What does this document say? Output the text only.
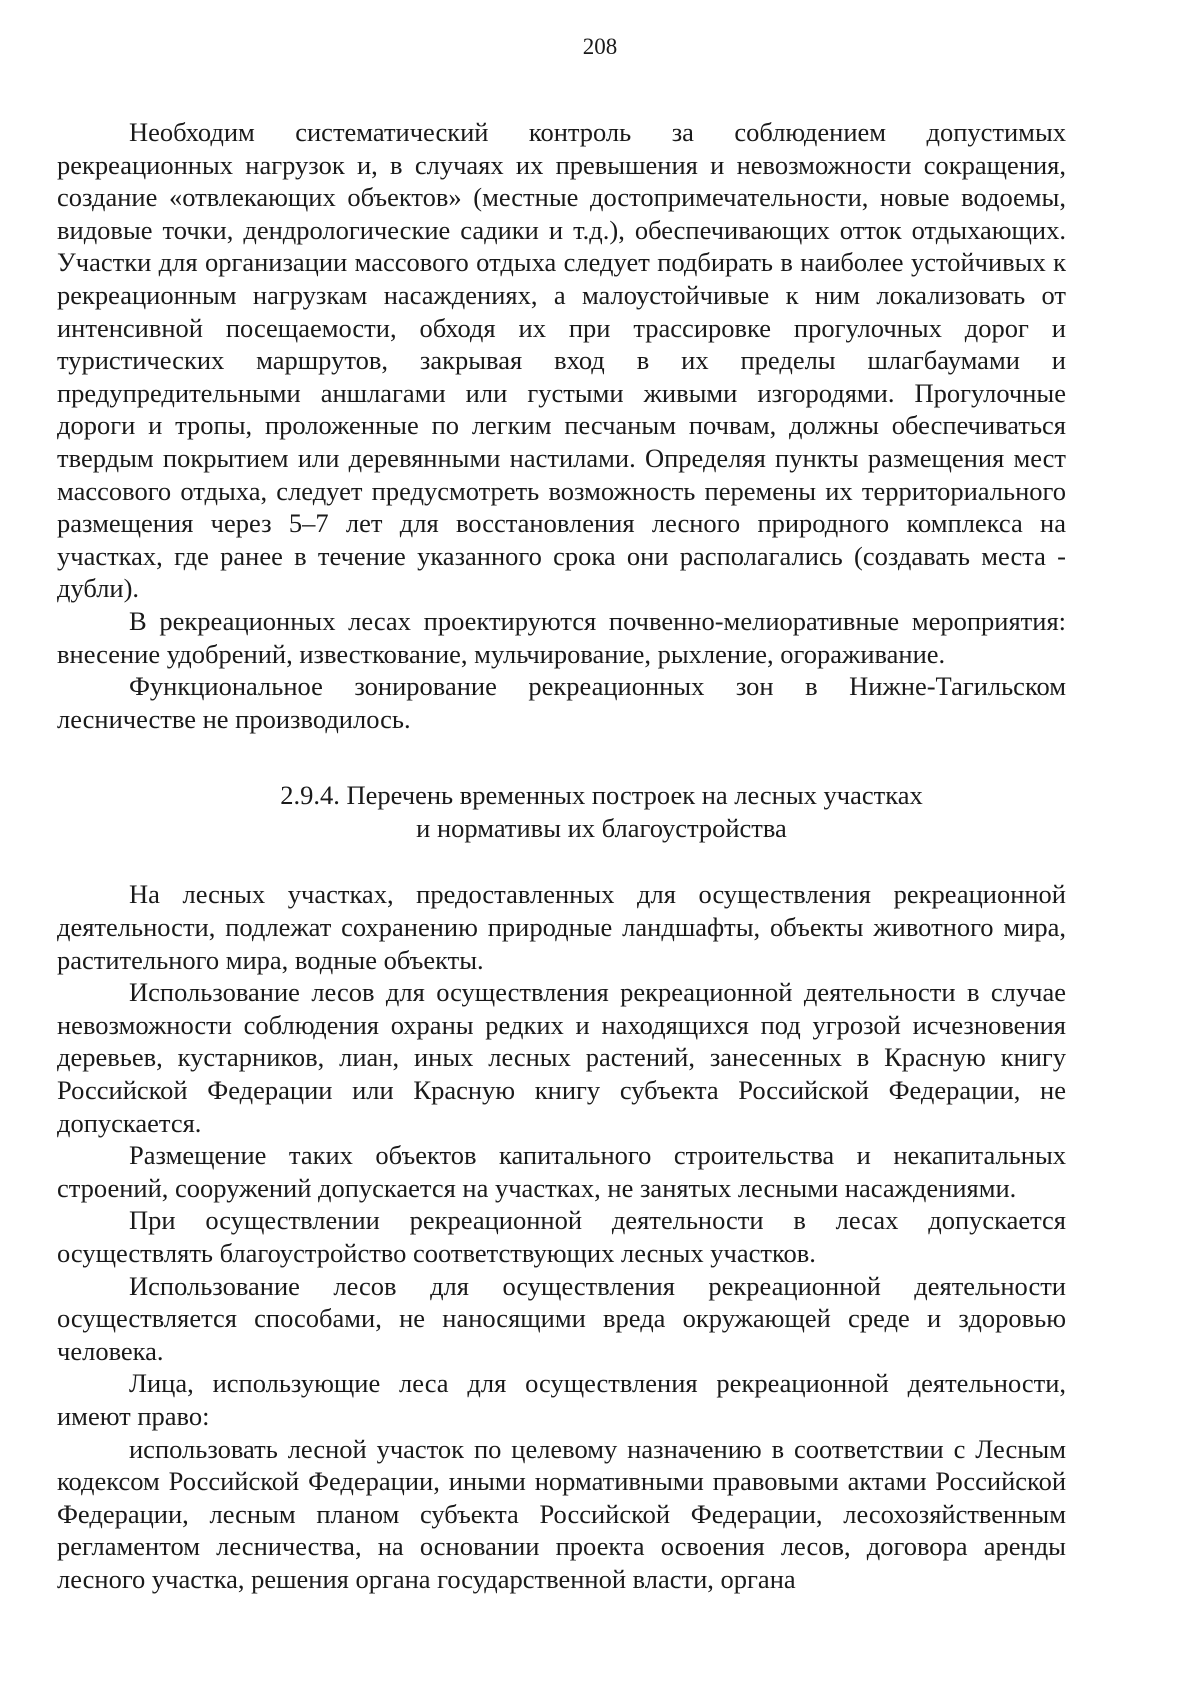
208

Необходим систематический контроль за соблюдением допустимых рекреационных нагрузок и, в случаях их превышения и невозможности сокращения, создание «отвлекающих объектов» (местные достопримечательности, новые водоемы, видовые точки, дендрологические садики и т.д.), обеспечивающих отток отдыхающих. Участки для организации массового отдыха следует подбирать в наиболее устойчивых к рекреационным нагрузкам насаждениях, а малоустойчивые к ним локализовать от интенсивной посещаемости, обходя их при трассировке прогулочных дорог и туристических маршрутов, закрывая вход в их пределы шлагбаумами и предупредительными аншлагами или густыми живыми изгородями. Прогулочные дороги и тропы, проложенные по легким песчаным почвам, должны обеспечиваться твердым покрытием или деревянными настилами. Определяя пункты размещения мест массового отдыха, следует предусмотреть возможность перемены их территориального размещения через 5–7 лет для восстановления лесного природного комплекса на участках, где ранее в течение указанного срока они располагались (создавать места - дубли).

В рекреационных лесах проектируются почвенно-мелиоративные мероприятия: внесение удобрений, известкование, мульчирование, рыхление, огораживание.

Функциональное зонирование рекреационных зон в Нижне-Тагильском лесничестве не производилось.

2.9.4. Перечень временных построек на лесных участках
и нормативы их благоустройства

На лесных участках, предоставленных для осуществления рекреационной деятельности, подлежат сохранению природные ландшафты, объекты животного мира, растительного мира, водные объекты.

Использование лесов для осуществления рекреационной деятельности в случае невозможности соблюдения охраны редких и находящихся под угрозой исчезновения деревьев, кустарников, лиан, иных лесных растений, занесенных в Красную книгу Российской Федерации или Красную книгу субъекта Российской Федерации, не допускается.

Размещение таких объектов капитального строительства и некапитальных строений, сооружений допускается на участках, не занятых лесными насаждениями.

При осуществлении рекреационной деятельности в лесах допускается осуществлять благоустройство соответствующих лесных участков.

Использование лесов для осуществления рекреационной деятельности осуществляется способами, не наносящими вреда окружающей среде и здоровью человека.

Лица, использующие леса для осуществления рекреационной деятельности, имеют право:

использовать лесной участок по целевому назначению в соответствии с Лесным кодексом Российской Федерации, иными нормативными правовыми актами Российской Федерации, лесным планом субъекта Российской Федерации, лесохозяйственным регламентом лесничества, на основании проекта освоения лесов, договора аренды лесного участка, решения органа государственной власти, органа
